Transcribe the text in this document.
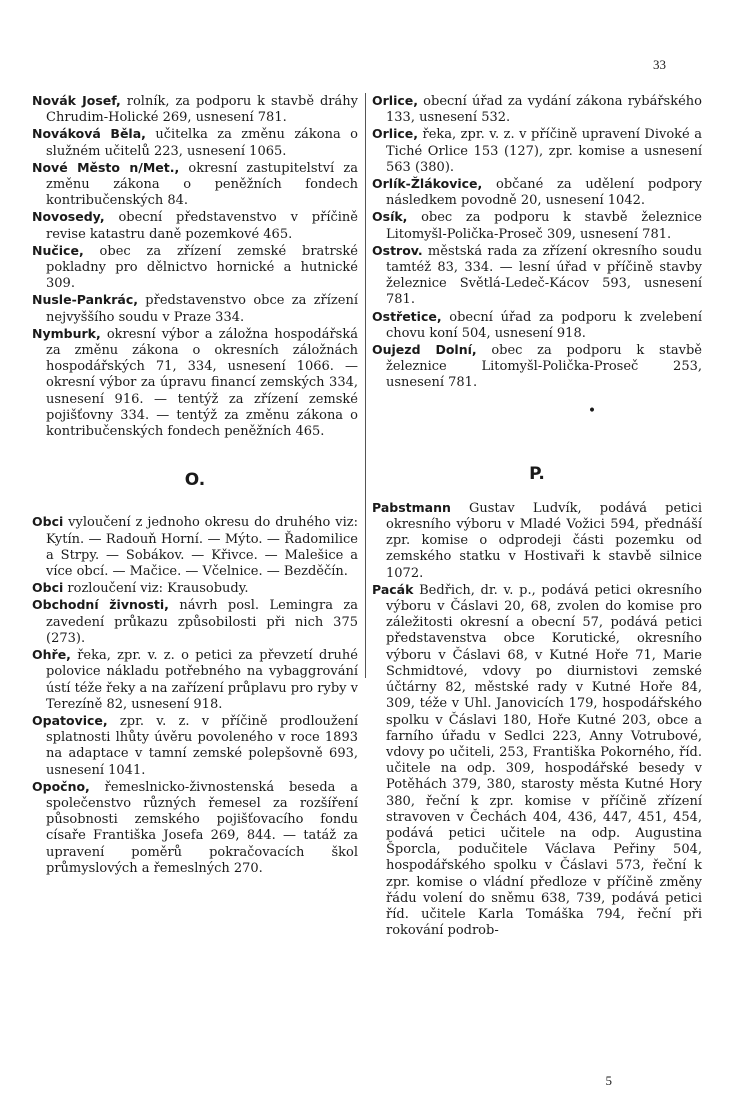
33

Novák Josef, rolník, za podporu k stavbě dráhy Chrudim-Holické 269, usnesení 781.

Nováková Běla, učitelka za změnu zákona o služném učitelů 223, usnesení 1065.

Nové Město n/Met., okresní zastupitelství za změnu zákona o peněžních fondech kontribučenských 84.

Novosedy, obecní představenstvo v příčině revise katastru daně pozemkové 465.

Nučice, obec za zřízení zemské bratrské pokladny pro dělnictvo hornické a hutnické 309.

Nusle-Pankrác, představenstvo obce za zřízení nejvyššího soudu v Praze 334.

Nymburk, okresní výbor a záložna hospodářská za změnu zákona o okresních záložnách hospodářských 71, 334, usnesení 1066. — okresní výbor za úpravu financí zemských 334, usnesení 916. — tentýž za zřízení zemské pojišťovny 334. — tentýž za změnu zákona o kontribučenských fondech peněžních 465.

O.

Obci vyloučení z jednoho okresu do druhého viz: Kytín. — Radouň Horní. — Mýto. — Řadomilice a Strpy. — Sobákov. — Křivce. — Malešice a více obcí. — Mačice. — Včelnice. — Bezděčín.

Obci rozloučení viz: Krausobudy.

Obchodní živnosti, návrh posl. Lemingra za zavedení průkazu způsobilosti při nich 375 (273).

Ohře, řeka, zpr. v. z. o petici za převzetí druhé polovice nákladu potřebného na vybaggrování ústí téže řeky a na zařízení průplavu pro ryby v Terezíně 82, usnesení 918.

Opatovice, zpr. v. z. v příčině prodloužení splatnosti lhůty úvěru povoleného v roce 1893 na adaptace v tamní zemské polepšovně 693, usnesení 1041.

Opočno, řemeslnicko-živnostenská beseda a společenstvo různých řemesel za rozšíření působnosti zemského pojišťovacího fondu císaře Františka Josefa 269, 844. — tatáž za upravení poměrů pokračovacích škol průmyslových a řemeslných 270.

Orlice, obecní úřad za vydání zákona rybářského 133, usnesení 532.

Orlice, řeka, zpr. v. z. v příčině upravení Divoké a Tiché Orlice 153 (127), zpr. komise a usnesení 563 (380).

Orlík-Žlákovice, občané za udělení podpory následkem povodně 20, usnesení 1042.

Osík, obec za podporu k stavbě železnice Litomyšl-Polička-Proseč 309, usnesení 781.

Ostrov. městská rada za zřízení okresního soudu tamtéž 83, 334. — lesní úřad v příčině stavby železnice Světlá-Ledeč-Kácov 593, usnesení 781.

Ostřetice, obecní úřad za podporu k zvelebení chovu koní 504, usnesení 918.

Oujezd Dolní, obec za podporu k stavbě železnice Litomyšl-Polička-Proseč 253, usnesení 781.

•

P.

Pabstmann Gustav Ludvík, podává petici okresního výboru v Mladé Vožici 594, přednáší zpr. komise o odprodeji části pozemku od zemského statku v Hostivaři k stavbě silnice 1072.

Pacák Bedřich, dr. v. p., podává petici okresního výboru v Čáslavi 20, 68, zvolen do komise pro záležitosti okresní a obecní 57, podává petici představenstva obce Korutické, okresního výboru v Čáslavi 68, v Kutné Hoře 71, Marie Schmidtové, vdovy po diurnistovi zemské účtárny 82, městské rady v Kutné Hoře 84, 309, téže v Uhl. Janovicích 179, hospodářského spolku v Čáslavi 180, Hoře Kutné 203, obce a farního úřadu v Sedlci 223, Anny Votrubové, vdovy po učiteli, 253, Františka Pokorného, říd. učitele na odp. 309, hospodářské besedy v Potěhách 379, 380, starosty města Kutné Hory 380, řeční k zpr. komise v příčině zřízení stravoven v Čechách 404, 436, 447, 451, 454, podává petici učitele na odp. Augustina Šporcla, podučitele Václava Peřiny 504, hospodářského spolku v Čáslavi 573, řeční k zpr. komise o vládní předloze v příčině změny řádu volení do sněmu 638, 739, podává petici říd. učitele Karla Tomáška 794, řeční při rokování podrob-

5
